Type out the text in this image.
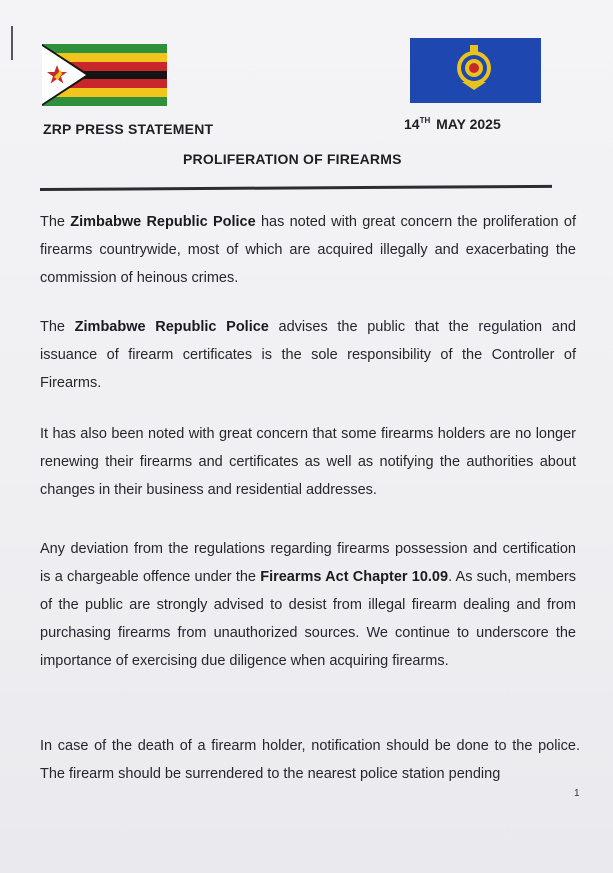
ZRP PRESS STATEMENT	14TH MAY 2025
PROLIFERATION OF FIREARMS

The Zimbabwe Republic Police has noted with great concern the proliferation of firearms countrywide, most of which are acquired illegally and exacerbating the commission of heinous crimes.

The Zimbabwe Republic Police advises the public that the regulation and issuance of firearm certificates is the sole responsibility of the Controller of Firearms.

It has also been noted with great concern that some firearms holders are no longer renewing their firearms and certificates as well as notifying the authorities about changes in their business and residential addresses.

Any deviation from the regulations regarding firearms possession and certification is a chargeable offence under the Firearms Act Chapter 10.09. As such, members of the public are strongly advised to desist from illegal firearm dealing and from purchasing firearms from unauthorized sources. We continue to underscore the importance of exercising due diligence when acquiring firearms.

In case of the death of a firearm holder, notification should be done to the police. The firearm should be surrendered to the nearest police station pending

1
